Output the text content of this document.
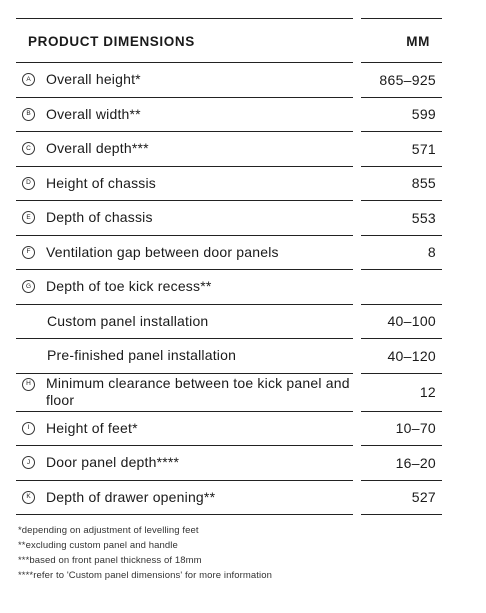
PRODUCT DIMENSIONS		MM

A Overall height*		865–925

B Overall width**		599

C Overall depth***		571

D Height of chassis		855

E Depth of chassis		553

F Ventilation gap between door panels		8

G Depth of toe kick recess**		

Custom panel installation		40–100

Pre-finished panel installation		40–120

H Minimum clearance between toe kick panel and floor		12

I Height of feet*		10–70

J Door panel depth****		16–20

K Depth of drawer opening**		527
*depending on adjustment of levelling feet
**excluding custom panel and handle
***based on front panel thickness of 18mm
****refer to 'Custom panel dimensions' for more information
